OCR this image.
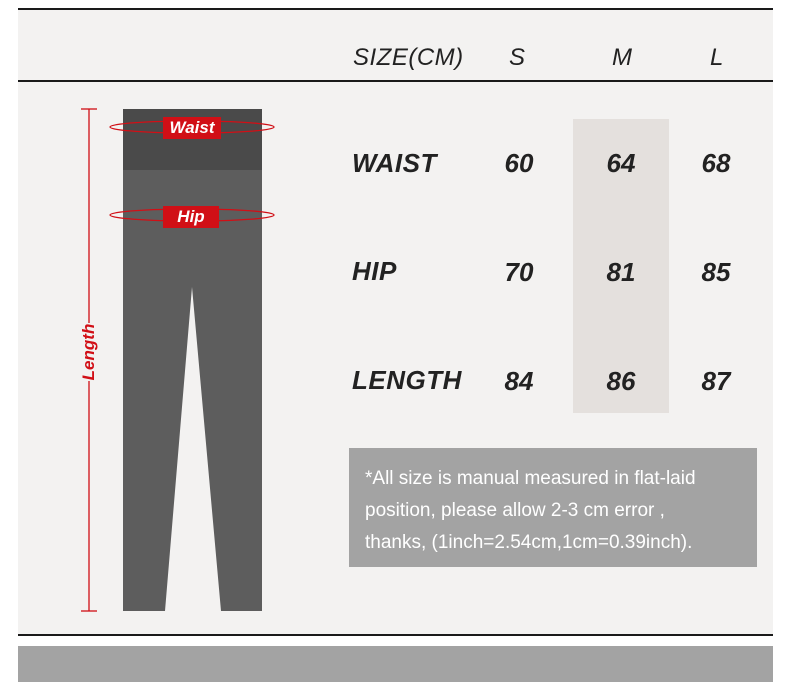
SIZE(CM) S	M	L
WAIST	60	64	68
HIP	70	81	85
LENGTH	84	86	87
Waist
Hip
Length
*All size is manual measured in flat-laid
position, please allow 2-3 cm error ,
thanks, (1inch=2.54cm,1cm=0.39inch).
